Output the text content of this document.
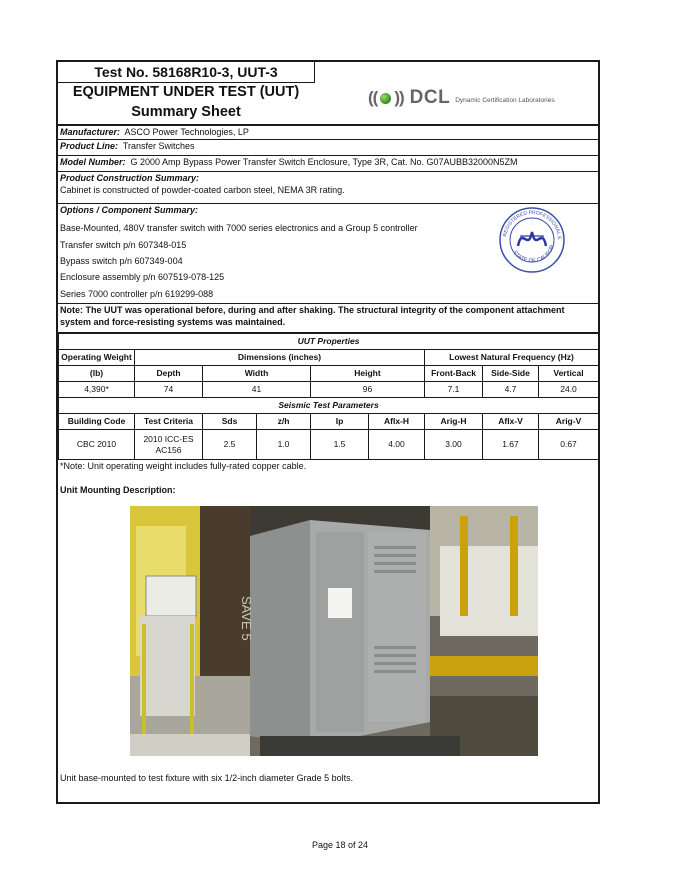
Test No. 58168R10-3, UUT-3
EQUIPMENT UNDER TEST (UUT)
Summary Sheet
(( )) DCL Dynamic Certification Laboratories
Manufacturer: ASCO Power Technologies, LP
Product Line: Transfer Switches
Model Number: G 2000 Amp Bypass Power Transfer Switch Enclosure, Type 3R, Cat. No. G07AUBB32000N5ZM
Product Construction Summary:
Cabinet is constructed of powder-coated carbon steel, NEMA 3R rating.
Options / Component Summary:
Base-Mounted, 480V transfer switch with 7000 series electronics and a Group 5 controller
Transfer switch p/n 607348-015
Bypass switch p/n 607349-004
Enclosure assembly p/n 607519-078-125
Series 7000 controller p/n 619299-088
REGISTERED PROFESSIONAL E
STATE OF CALIFOR
Note: The UUT was operational before, during and after shaking. The structural integrity of the component attachment system and force-resisting systems was maintained.
UUT Properties								
Operating Weight	Dimensions (inches)					Lowest Natural Frequency (Hz)		
(lb)	Depth	Width		Height		Front-Back	Side-Side	Vertical
4,390*	74	41		96		7.1	4.7	24.0
Seismic Test Parameters								
Building Code	Test Criteria	Sds	z/h	Ip	Aflx-H	Arig-H	Aflx-V	Arig-V
CBC 2010	2010 ICC-ES AC156	2.5	1.0	1.5	4.00	3.00	1.67	0.67
*Note: Unit operating weight includes fully-rated copper cable.
Unit Mounting Description:
SAVE 5
Unit base-mounted to test fixture with six 1/2-inch diameter Grade 5 bolts.
Page 18 of 24
